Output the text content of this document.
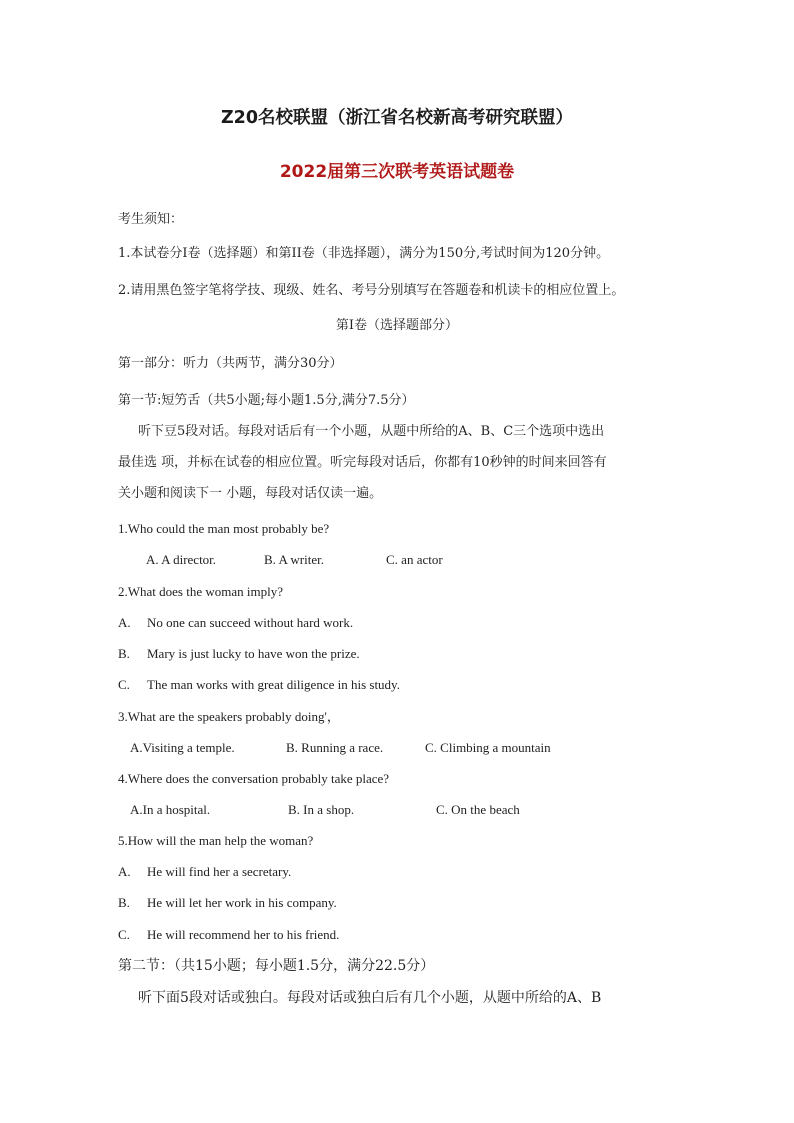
Z20名校联盟（浙江省名校新高考研究联盟）
2022届第三次联考英语试题卷
考生须知：
1.本试卷分I卷（选择题）和第II卷（非选择题），满分为150分,考试时间为120分钟。
2.请用黑色签字笔将学技、现级、姓名、考号分别填写在答题卷和机读卡的相应位置上。
第I卷（选择题部分）
第一部分：听力（共两节，满分30分）
第一节:短竻舌（共5小题;每小题1.5分,满分7.5分）
听下豆5段对话。每段对话后有一个小题，从题中所给的A、B、C三个选项中选出
最佳选 项，并标在试卷的相应位置。听完每段对话后，你都有10秒钟的时间来回答有
关小题和阅读下一 小题，每段对话仅读一遍。
1.Who could the man most probably be?
A. A director.	B. A writer.	C. an actor
2.What does the woman imply?
A. No one can succeed without hard work.
B. Mary is just lucky to have won the prize.
C. The man works with great diligence in his study.
3.What are the speakers probably doing'，
A.Visiting a temple.	B. Running a race.	C. Climbing a mountain
4.Where does the conversation probably take place?
A.In a hospital.	B. In a shop.	C. On the beach
5.How will the man help the woman?
A. He will find her a secretary.
B. He will let her work in his company.
C. He will recommend her to his friend.
第二节：（共15小题；每小题1.5分，满分22.5分）
听下面5段对话或独白。每段对话或独白后有几个小题，从题中所给的A、B
